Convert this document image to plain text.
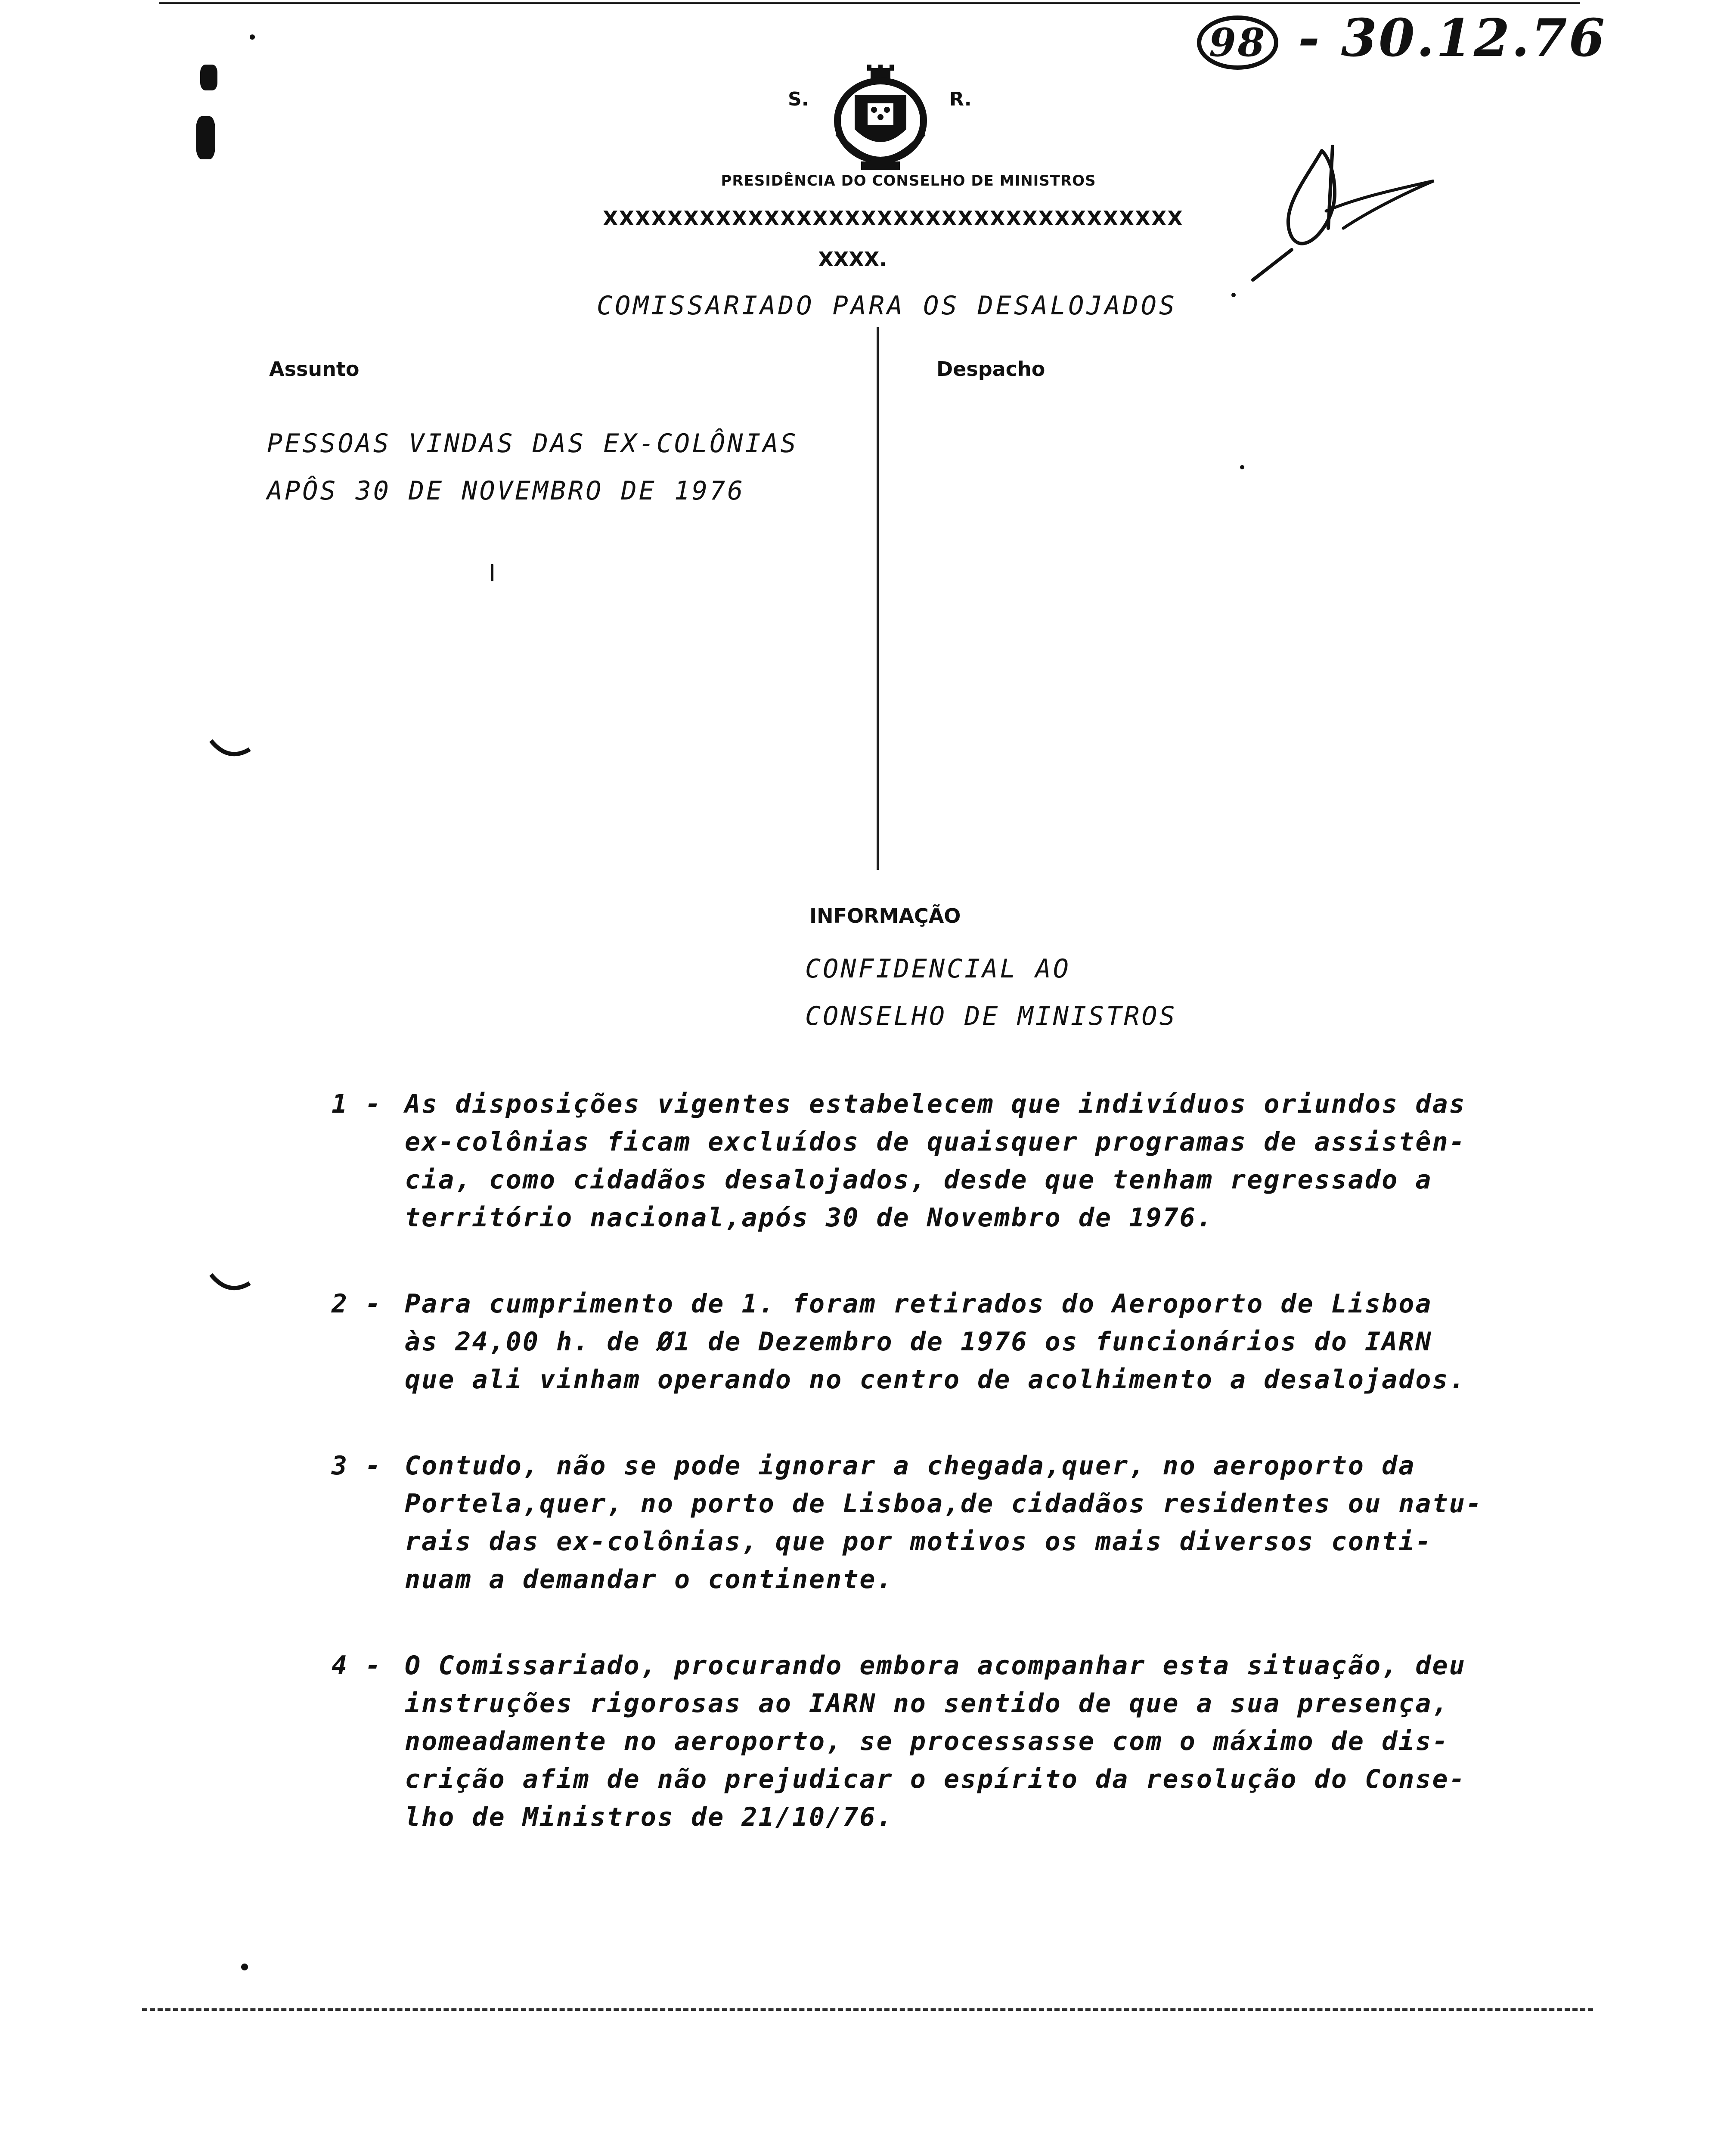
98 - 30.12.76
S.	R.
PRESIDÊNCIA DO CONSELHO DE MINISTROS
XXXXXXXXXXXXXXXXXXXXXXXXXXXXXXXXXXXX
XXXX.
COMISSARIADO PARA OS DESALOJADOS
Assunto	Despacho
PESSOAS VINDAS DAS EX-COLÔNIAS
APÔS 30 DE NOVEMBRO DE 1976
INFORMAÇÃO
CONFIDENCIAL AO
CONSELHO DE MINISTROS
1 - As disposições vigentes estabelecem que indivíduos oriundos das
ex-colônias ficam excluídos de quaisquer programas de assistên-
cia, como cidadãos desalojados, desde que tenham regressado a
território nacional,após 30 de Novembro de 1976.
2 - Para cumprimento de 1. foram retirados do Aeroporto de Lisboa
às 24,00 h. de Ø1 de Dezembro de 1976 os funcionários do IARN
que ali vinham operando no centro de acolhimento a desalojados.
3 - Contudo, não se pode ignorar a chegada,quer, no aeroporto da
Portela,quer, no porto de Lisboa,de cidadãos residentes ou natu-
rais das ex-colônias, que por motivos os mais diversos conti-
nuam a demandar o continente.
4 - O Comissariado, procurando embora acompanhar esta situação, deu
instruções rigorosas ao IARN no sentido de que a sua presença,
nomeadamente no aeroporto, se processasse com o máximo de dis-
crição afim de não prejudicar o espírito da resolução do Conse-
lho de Ministros de 21/10/76.
